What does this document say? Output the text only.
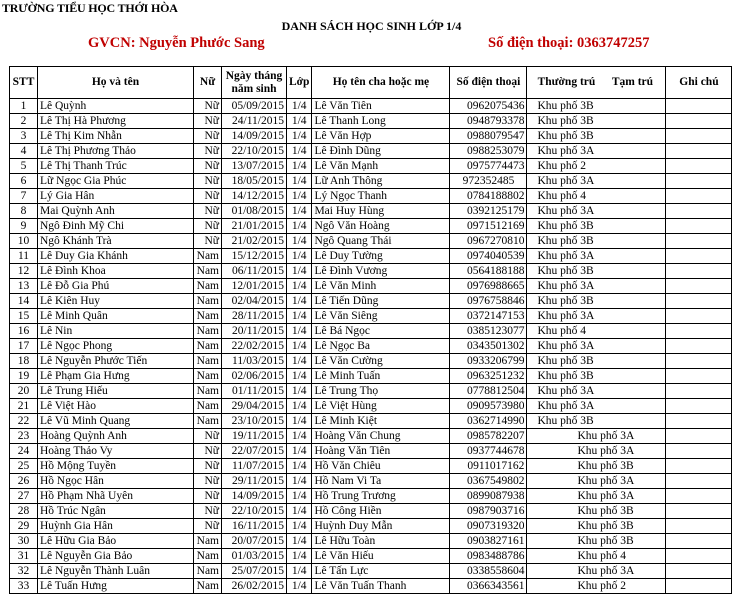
TRƯỜNG TIỂU HỌC THỚI HÒA
DANH SÁCH HỌC SINH LỚP 1/4
GVCN: Nguyễn Phước Sang	Số điện thoại: 0363747257
STT	Họ và tên	Nữ	Ngày tháng năm sinh	Lớp	Họ tên cha hoặc mẹ	Số điện thoại	Thường trú Tạm trú	Ghi chú
1	Lê Quỳnh	Nữ	05/09/2015	1/4	Lê Văn Tiên	0962075436	Khu phố 3B	
2	Lê Thị Hà Phương	Nữ	24/11/2015	1/4	Lê Thanh Long	0948793378	Khu phố 3B	
3	Lê Thị Kim Nhẫn	Nữ	14/09/2015	1/4	Lê Văn Hợp	0988079547	Khu phố 3B	
4	Lê Thị Phương Thảo	Nữ	22/10/2015	1/4	Lê Đình Dũng	0988253079	Khu phố 3A	
5	Lê Thị Thanh Trúc	Nữ	13/07/2015	1/4	Lê Văn Mạnh	0975774473	Khu phố 2	
6	Lữ Ngọc Gia Phúc	Nữ	18/05/2015	1/4	Lữ Anh Thông	972352485	Khu phố 3A	
7	Lý Gia Hân	Nữ	14/12/2015	1/4	Lý Ngọc Thanh	0784188802	Khu phố 4	
8	Mai Quỳnh Anh	Nữ	01/08/2015	1/4	Mai Huy Hùng	0392125179	Khu phố 3A	
9	Ngô Đinh Mỹ Chi	Nữ	21/01/2015	1/4	Ngô Văn Hoàng	0971512169	Khu phố 3B	
10	Ngô Khánh Trà	Nữ	21/02/2015	1/4	Ngô Quang Thái	0967270810	Khu phố 3B	
11	Lê Duy Gia Khánh	Nam	15/12/2015	1/4	Lê Duy Tường	0974040539	Khu phố 3A	
12	Lê Đình Khoa	Nam	06/11/2015	1/4	Lê Đình Vương	0564188188	Khu phố 3B	
13	Lê Đỗ Gia Phú	Nam	12/01/2015	1/4	Lê Văn Minh	0976988665	Khu phố 3A	
14	Lê Kiên Huy	Nam	02/04/2015	1/4	Lê Tiến Dũng	0976758846	Khu phố 3B	
15	Lê Minh Quân	Nam	28/11/2015	1/4	Lê Văn Siêng	0372147153	Khu phố 3A	
16	Lê Nin	Nam	20/11/2015	1/4	Lê Bá Ngọc	0385123077	Khu phố 4	
17	Lê Ngọc Phong	Nam	22/02/2015	1/4	Lê Ngọc Ba	0343501302	Khu phố 3A	
18	Lê Nguyễn Phước Tiến	Nam	11/03/2015	1/4	Lê Văn Cường	0933206799	Khu phố 3B	
19	Lê Phạm Gia Hưng	Nam	02/06/2015	1/4	Lê Minh Tuấn	0963251232	Khu phố 3B	
20	Lê Trung Hiếu	Nam	01/11/2015	1/4	Lê Trung Thọ	0778812504	Khu phố 3A	
21	Lê Việt Hào	Nam	29/04/2015	1/4	Lê Việt Hùng	0909573980	Khu phố 3A	
22	Lê Vũ Minh Quang	Nam	23/10/2015	1/4	Lê Minh Kiệt	0362714990	Khu phố 3B	
23	Hoàng Quỳnh Anh	Nữ	19/11/2015	1/4	Hoàng Văn Chung	0985782207	Khu phố 3A	
24	Hoàng Thảo Vy	Nữ	22/07/2015	1/4	Hoàng Văn Tiên	0937744678	Khu phố 3A	
25	Hồ Mộng Tuyền	Nữ	11/07/2015	1/4	Hồ Văn Chiêu	0911017162	Khu phố 3B	
26	Hồ Ngọc Hân	Nữ	29/11/2015	1/4	Hồ Nam Vi Ta	0367549802	Khu phố 3A	
27	Hồ Phạm Nhã Uyên	Nữ	14/09/2015	1/4	Hồ Trung Trương	0899087938	Khu phố 3A	
28	Hồ Trúc Ngân	Nữ	22/10/2015	1/4	Hồ Công Hiền	0987903716	Khu phố 3B	
29	Huỳnh Gia Hân	Nữ	16/11/2015	1/4	Huỳnh Duy Mẫn	0907319320	Khu phố 3B	
30	Lê Hữu Gia Bảo	Nam	20/07/2015	1/4	Lê Hữu Toàn	0903827161	Khu phố 3B	
31	Lê Nguyễn Gia Bảo	Nam	01/03/2015	1/4	Lê Văn Hiếu	0983488786	Khu phố 4	
32	Lê Nguyễn Thành Luân	Nam	25/07/2015	1/4	Lê Tấn Lực	0338558604	Khu phố 3A	
33	Lê Tuấn Hưng	Nam	26/02/2015	1/4	Lê Văn Tuấn Thanh	0366343561	Khu phố 2	
